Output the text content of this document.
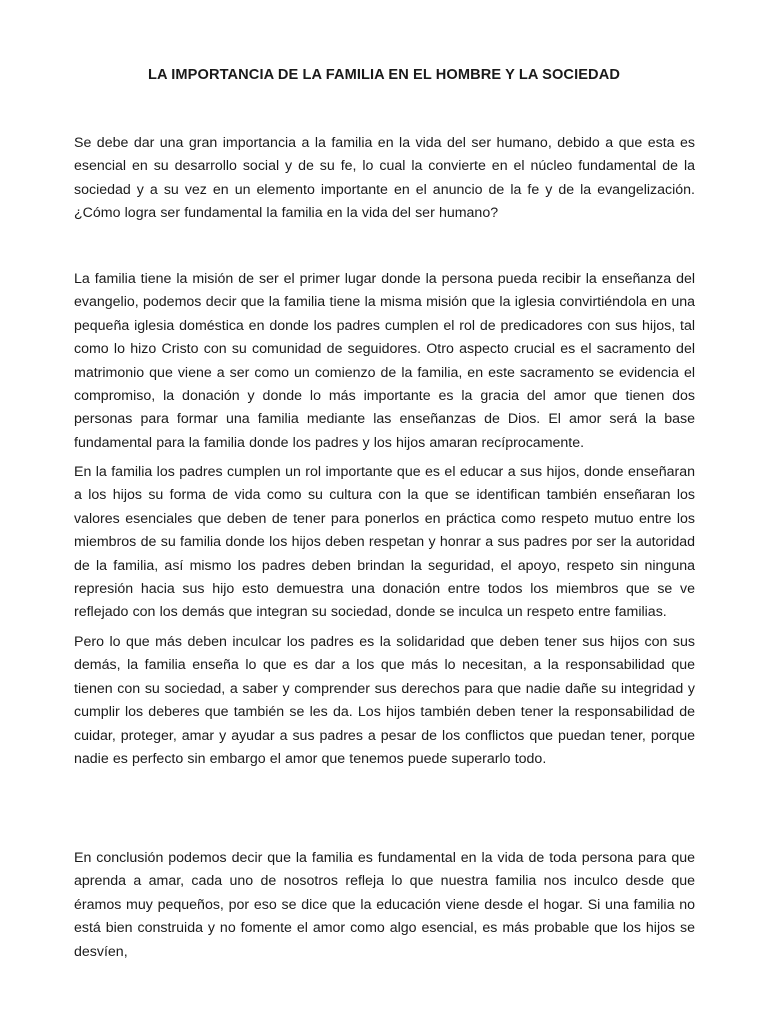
LA IMPORTANCIA DE LA FAMILIA EN EL HOMBRE Y LA SOCIEDAD

Se debe dar una gran importancia a la familia en la vida del ser humano, debido a que esta es esencial en su desarrollo social y de su fe, lo cual la convierte en el núcleo fundamental de la sociedad y a su vez en un elemento importante en el anuncio de la fe y de la evangelización. ¿Cómo logra ser fundamental la familia en la vida del ser humano?

La familia tiene la misión de ser el primer lugar donde la persona pueda recibir la enseñanza del evangelio, podemos decir que la familia tiene la misma misión que la iglesia convirtiéndola en una pequeña iglesia doméstica en donde los padres cumplen el rol de predicadores con sus hijos, tal como lo hizo Cristo con su comunidad de seguidores. Otro aspecto crucial es el sacramento del matrimonio que viene a ser como un comienzo de la familia, en este sacramento se evidencia el compromiso, la donación y donde lo más importante es la gracia del amor que tienen dos personas para formar una familia mediante las enseñanzas de Dios. El amor será la base fundamental para la familia donde los padres y los hijos amaran recíprocamente.

En la familia los padres cumplen un rol importante que es el educar a sus hijos, donde enseñaran a los hijos su forma de vida como su cultura con la que se identifican también enseñaran los valores esenciales que deben de tener para ponerlos en práctica como respeto mutuo entre los miembros de su familia donde los hijos deben respetan y honrar a sus padres por ser la autoridad de la familia, así mismo los padres deben brindan la seguridad, el apoyo, respeto sin ninguna represión hacia sus hijo esto demuestra una donación entre todos los miembros que se ve reflejado con los demás que integran su sociedad, donde se inculca un respeto entre familias.

Pero lo que más deben inculcar los padres es la solidaridad que deben tener sus hijos con sus demás, la familia enseña lo que es dar a los que más lo necesitan, a la responsabilidad que tienen con su sociedad, a saber y comprender sus derechos para que nadie dañe su integridad y cumplir los deberes que también se les da. Los hijos también deben tener la responsabilidad de cuidar, proteger, amar y ayudar a sus padres a pesar de los conflictos que puedan tener, porque nadie es perfecto sin embargo el amor que tenemos puede superarlo todo.

En conclusión podemos decir que la familia es fundamental en la vida de toda persona para que aprenda a amar, cada uno de nosotros refleja lo que nuestra familia nos inculco desde que éramos muy pequeños, por eso se dice que la educación viene desde el hogar. Si una familia no está bien construida y no fomente el amor como algo esencial, es más probable que los hijos se desvíen,
